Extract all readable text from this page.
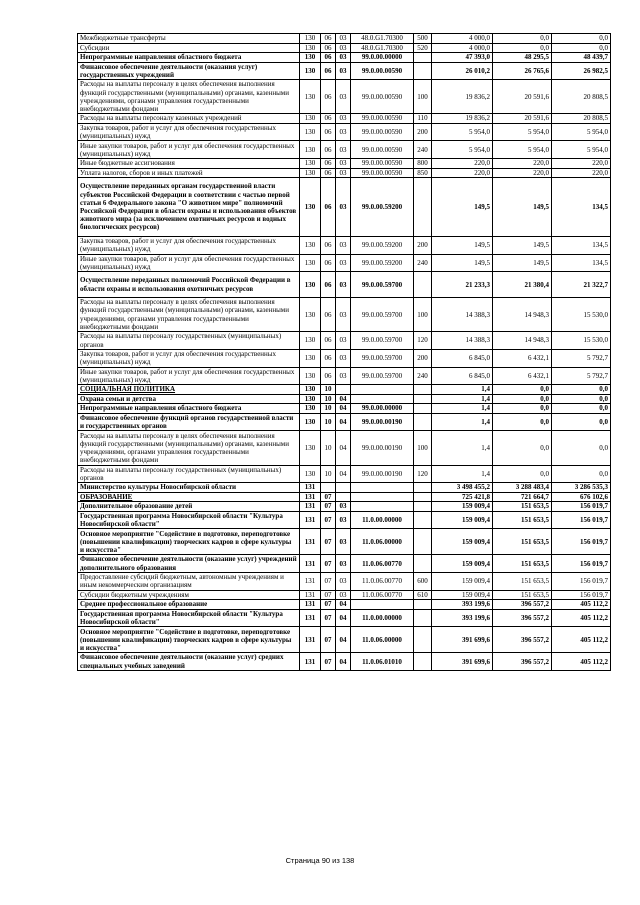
Межбюджетные трансферты	130	06	03	48.0.G1.70300	500	4 000,0	0,0	0,0
Субсидии	130	06	03	48.0.G1.70300	520	4 000,0	0,0	0,0
Непрограммные направления областного бюджета	130	06	03	99.0.00.00000		47 393,0	48 295,5	48 439,7
Финансовое обеспечение деятельности (оказания услуг) государственных учреждений	130	06	03	99.0.00.00590		26 010,2	26 765,6	26 982,5
Расходы на выплаты персоналу в целях обеспечения выполнения функций государственными (муниципальными) органами, казенными учреждениями, органами управления государственными внебюджетными фондами	130	06	03	99.0.00.00590	100	19 836,2	20 591,6	20 808,5
Расходы на выплаты персоналу казенных учреждений	130	06	03	99.0.00.00590	110	19 836,2	20 591,6	20 808,5
Закупка товаров, работ и услуг для обеспечения государственных (муниципальных) нужд	130	06	03	99.0.00.00590	200	5 954,0	5 954,0	5 954,0
Иные закупки товаров, работ и услуг для обеспечения государственных (муниципальных) нужд	130	06	03	99.0.00.00590	240	5 954,0	5 954,0	5 954,0
Иные бюджетные ассигнования	130	06	03	99.0.00.00590	800	220,0	220,0	220,0
Уплата налогов, сборов и иных платежей	130	06	03	99.0.00.00590	850	220,0	220,0	220,0
Осуществление переданных органам государственной власти субъектов Российской Федерации в соответствии с частью первой статьи 6 Федерального закона "О животном мире" полномочий Российской Федерации в области охраны и использования объектов животного мира (за исключением охотничьих ресурсов и водных биологических ресурсов)	130	06	03	99.0.00.59200		149,5	149,5	134,5
Закупка товаров, работ и услуг для обеспечения государственных (муниципальных) нужд	130	06	03	99.0.00.59200	200	149,5	149,5	134,5
Иные закупки товаров, работ и услуг для обеспечения государственных (муниципальных) нужд	130	06	03	99.0.00.59200	240	149,5	149,5	134,5
Осуществление переданных полномочий Российской Федерации в области охраны и использования охотничьих ресурсов	130	06	03	99.0.00.59700		21 233,3	21 380,4	21 322,7
Расходы на выплаты персоналу в целях обеспечения выполнения функций государственными (муниципальными) органами, казенными учреждениями, органами управления государственными внебюджетными фондами	130	06	03	99.0.00.59700	100	14 388,3	14 948,3	15 530,0
Расходы на выплаты персоналу государственных (муниципальных) органов	130	06	03	99.0.00.59700	120	14 388,3	14 948,3	15 530,0
Закупка товаров, работ и услуг для обеспечения государственных (муниципальных) нужд	130	06	03	99.0.00.59700	200	6 845,0	6 432,1	5 792,7
Иные закупки товаров, работ и услуг для обеспечения государственных (муниципальных) нужд	130	06	03	99.0.00.59700	240	6 845,0	6 432,1	5 792,7
СОЦИАЛЬНАЯ ПОЛИТИКА	130	10				1,4	0,0	0,0
Охрана семьи и детства	130	10	04			1,4	0,0	0,0
Непрограммные направления областного бюджета	130	10	04	99.0.00.00000		1,4	0,0	0,0
Финансовое обеспечение функций органов государственной власти и государственных органов	130	10	04	99.0.00.00190		1,4	0,0	0,0
Расходы на выплаты персоналу в целях обеспечения выполнения функций государственными (муниципальными) органами, казенными учреждениями, органами управления государственными внебюджетными фондами	130	10	04	99.0.00.00190	100	1,4	0,0	0,0
Расходы на выплаты персоналу государственных (муниципальных) органов	130	10	04	99.0.00.00190	120	1,4	0,0	0,0
Министерство культуры Новосибирской области	131					3 498 455,2	3 288 483,4	3 286 535,3
ОБРАЗОВАНИЕ	131	07				725 421,8	721 664,7	676 102,6
Дополнительное образование детей	131	07	03			159 009,4	151 653,5	156 019,7
Государственная программа Новосибирской области "Культура Новосибирской области"	131	07	03	11.0.00.00000		159 009,4	151 653,5	156 019,7
Основное мероприятие "Содействие в подготовке, переподготовке (повышении квалификации) творческих кадров в сфере культуры и искусства"	131	07	03	11.0.06.00000		159 009,4	151 653,5	156 019,7
Финансовое обеспечение деятельности (оказание услуг) учреждений дополнительного образования	131	07	03	11.0.06.00770		159 009,4	151 653,5	156 019,7
Предоставление субсидий бюджетным, автономным учреждениям и иным некоммерческим организациям	131	07	03	11.0.06.00770	600	159 009,4	151 653,5	156 019,7
Субсидии бюджетным учреждениям	131	07	03	11.0.06.00770	610	159 009,4	151 653,5	156 019,7
Среднее профессиональное образование	131	07	04			393 199,6	396 557,2	405 112,2
Государственная программа Новосибирской области "Культура Новосибирской области"	131	07	04	11.0.00.00000		393 199,6	396 557,2	405 112,2
Основное мероприятие "Содействие в подготовке, переподготовке (повышении квалификации) творческих кадров в сфере культуры и искусства"	131	07	04	11.0.06.00000		391 699,6	396 557,2	405 112,2
Финансовое обеспечение деятельности (оказание услуг) средних специальных учебных заведений	131	07	04	11.0.06.01010		391 699,6	396 557,2	405 112,2
Страница 90 из 138
